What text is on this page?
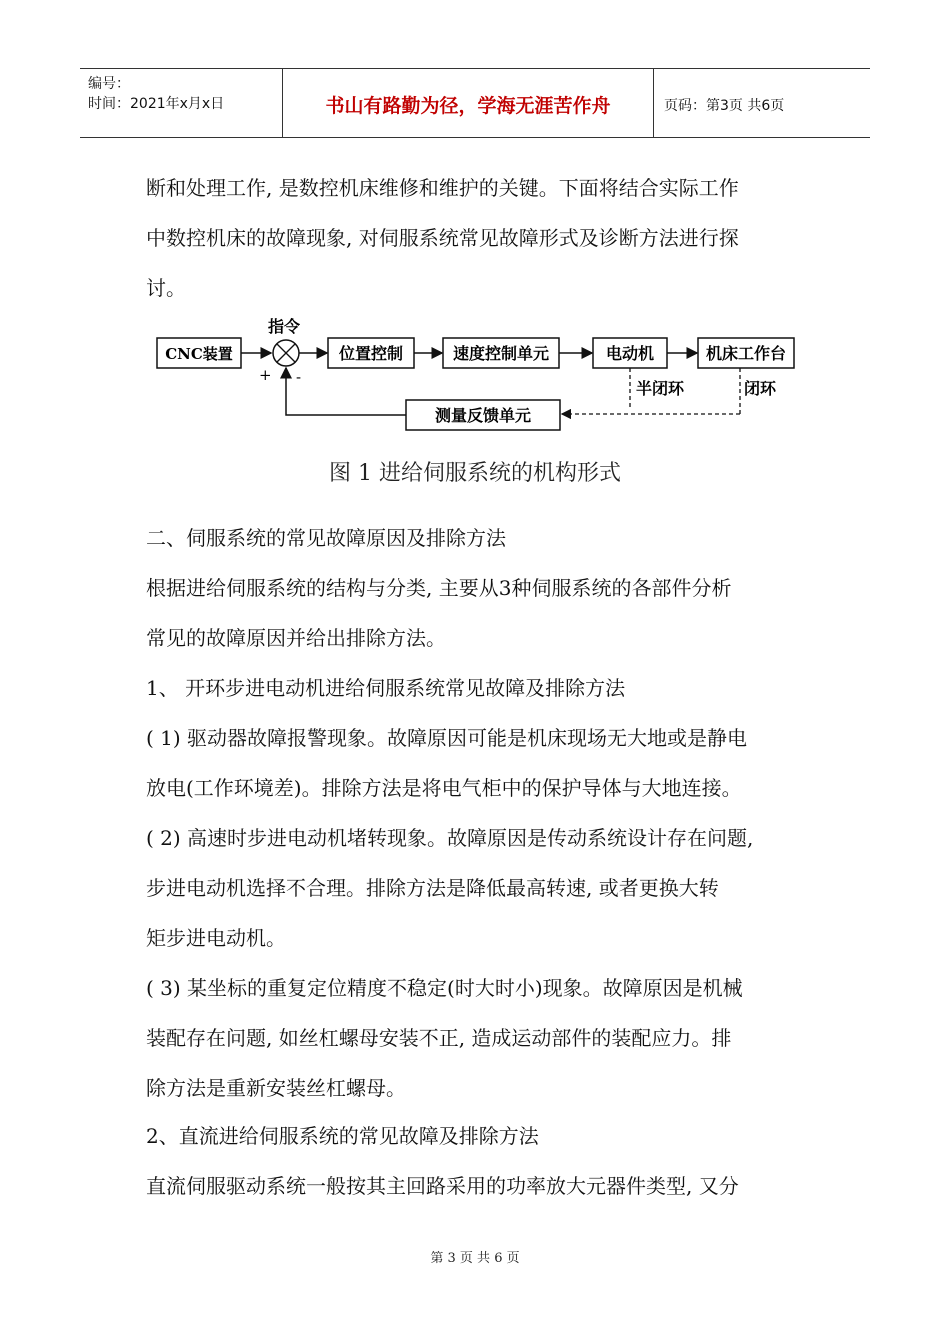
编号：
时间：2021年x月x日	书山有路勤为径，学海无涯苦作舟	页码：第3页 共6页
断和处理工作, 是数控机床维修和维护的关键。下面将结合实际工作
中数控机床的故障现象, 对伺服系统常见故障形式及诊断方法进行探
讨。
CNC装置
指令
+ -
位置控制	速度控制单元	电动机	机床工作台
半闭环	闭环
测量反馈单元
图 1 进给伺服系统的机构形式
二、伺服系统的常见故障原因及排除方法
根据进给伺服系统的结构与分类, 主要从3种伺服系统的各部件分析
常见的故障原因并给出排除方法。
1、 开环步进电动机进给伺服系统常见故障及排除方法
( 1) 驱动器故障报警现象。故障原因可能是机床现场无大地或是静电
放电(工作环境差)。排除方法是将电气柜中的保护导体与大地连接。
( 2) 高速时步进电动机堵转现象。故障原因是传动系统设计存在问题,
步进电动机选择不合理。排除方法是降低最高转速, 或者更换大转
矩步进电动机。
( 3) 某坐标的重复定位精度不稳定(时大时小)现象。故障原因是机械
装配存在问题, 如丝杠螺母安装不正, 造成运动部件的装配应力。排
除方法是重新安装丝杠螺母。
2、直流进给伺服系统的常见故障及排除方法
直流伺服驱动系统一般按其主回路采用的功率放大元器件类型, 又分
第 3 页 共 6 页
